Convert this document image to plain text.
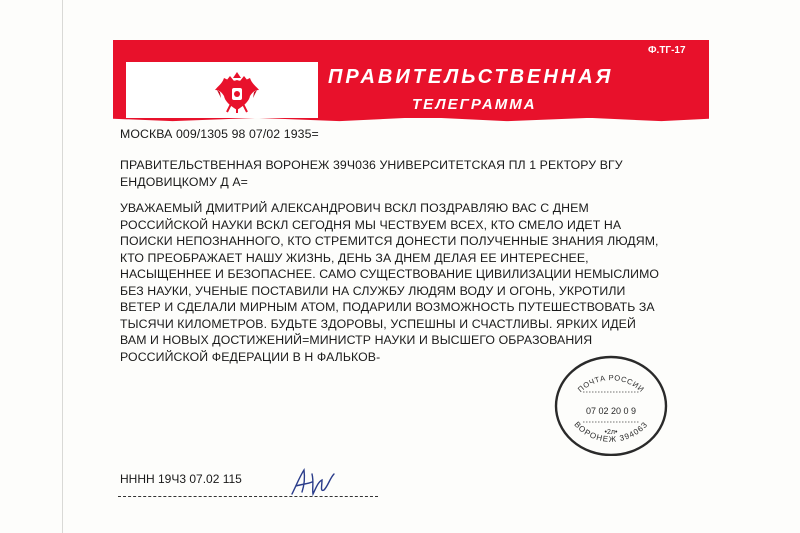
Ф.ТГ-17
ПРАВИТЕЛЬСТВЕННАЯ
ТЕЛЕГРАММА
МОСКВА 009/1305 98 07/02 1935=
ПРАВИТЕЛЬСТВЕННАЯ ВОРОНЕЖ 39Ч036 УНИВЕРСИТЕТСКАЯ ПЛ 1 РЕКТОРУ ВГУ
ЕНДОВИЦКОМУ Д А=
УВАЖАЕМЫЙ ДМИТРИЙ АЛЕКСАНДРОВИЧ ВСКЛ ПОЗДРАВЛЯЮ ВАС С ДНЕМ
РОССИЙСКОЙ НАУКИ ВСКЛ СЕГОДНЯ МЫ ЧЕСТВУЕМ ВСЕХ, КТО СМЕЛО ИДЕТ НА
ПОИСКИ НЕПОЗНАННОГО, КТО СТРЕМИТСЯ ДОНЕСТИ ПОЛУЧЕННЫЕ ЗНАНИЯ ЛЮДЯМ,
КТО ПРЕОБРАЖАЕТ НАШУ ЖИЗНЬ, ДЕНЬ ЗА ДНЕМ ДЕЛАЯ ЕЕ ИНТЕРЕСНЕЕ,
НАСЫЩЕННЕЕ И БЕЗОПАСНЕЕ. САМО СУЩЕСТВОВАНИЕ ЦИВИЛИЗАЦИИ НЕМЫСЛИМО
БЕЗ НАУКИ, УЧЕНЫЕ ПОСТАВИЛИ НА СЛУЖБУ ЛЮДЯМ ВОДУ И ОГОНЬ, УКРОТИЛИ
ВЕТЕР И СДЕЛАЛИ МИРНЫМ АТОМ, ПОДАРИЛИ ВОЗМОЖНОСТЬ ПУТЕШЕСТВОВАТЬ ЗА
ТЫСЯЧИ КИЛОМЕТРОВ. БУДЬТЕ ЗДОРОВЫ, УСПЕШНЫ И СЧАСТЛИВЫ. ЯРКИХ ИДЕЙ
ВАМ И НОВЫХ ДОСТИЖЕНИЙ=МИНИСТР НАУКИ И ВЫСШЕГО ОБРАЗОВАНИЯ
РОССИЙСКОЙ ФЕДЕРАЦИИ В Н ФАЛЬКОВ-
НННН 19Ч3 07.02 115
ПОЧТА РОССИИ
07 02 20 0 9
•2л•
ВОРОНЕЖ 394063
